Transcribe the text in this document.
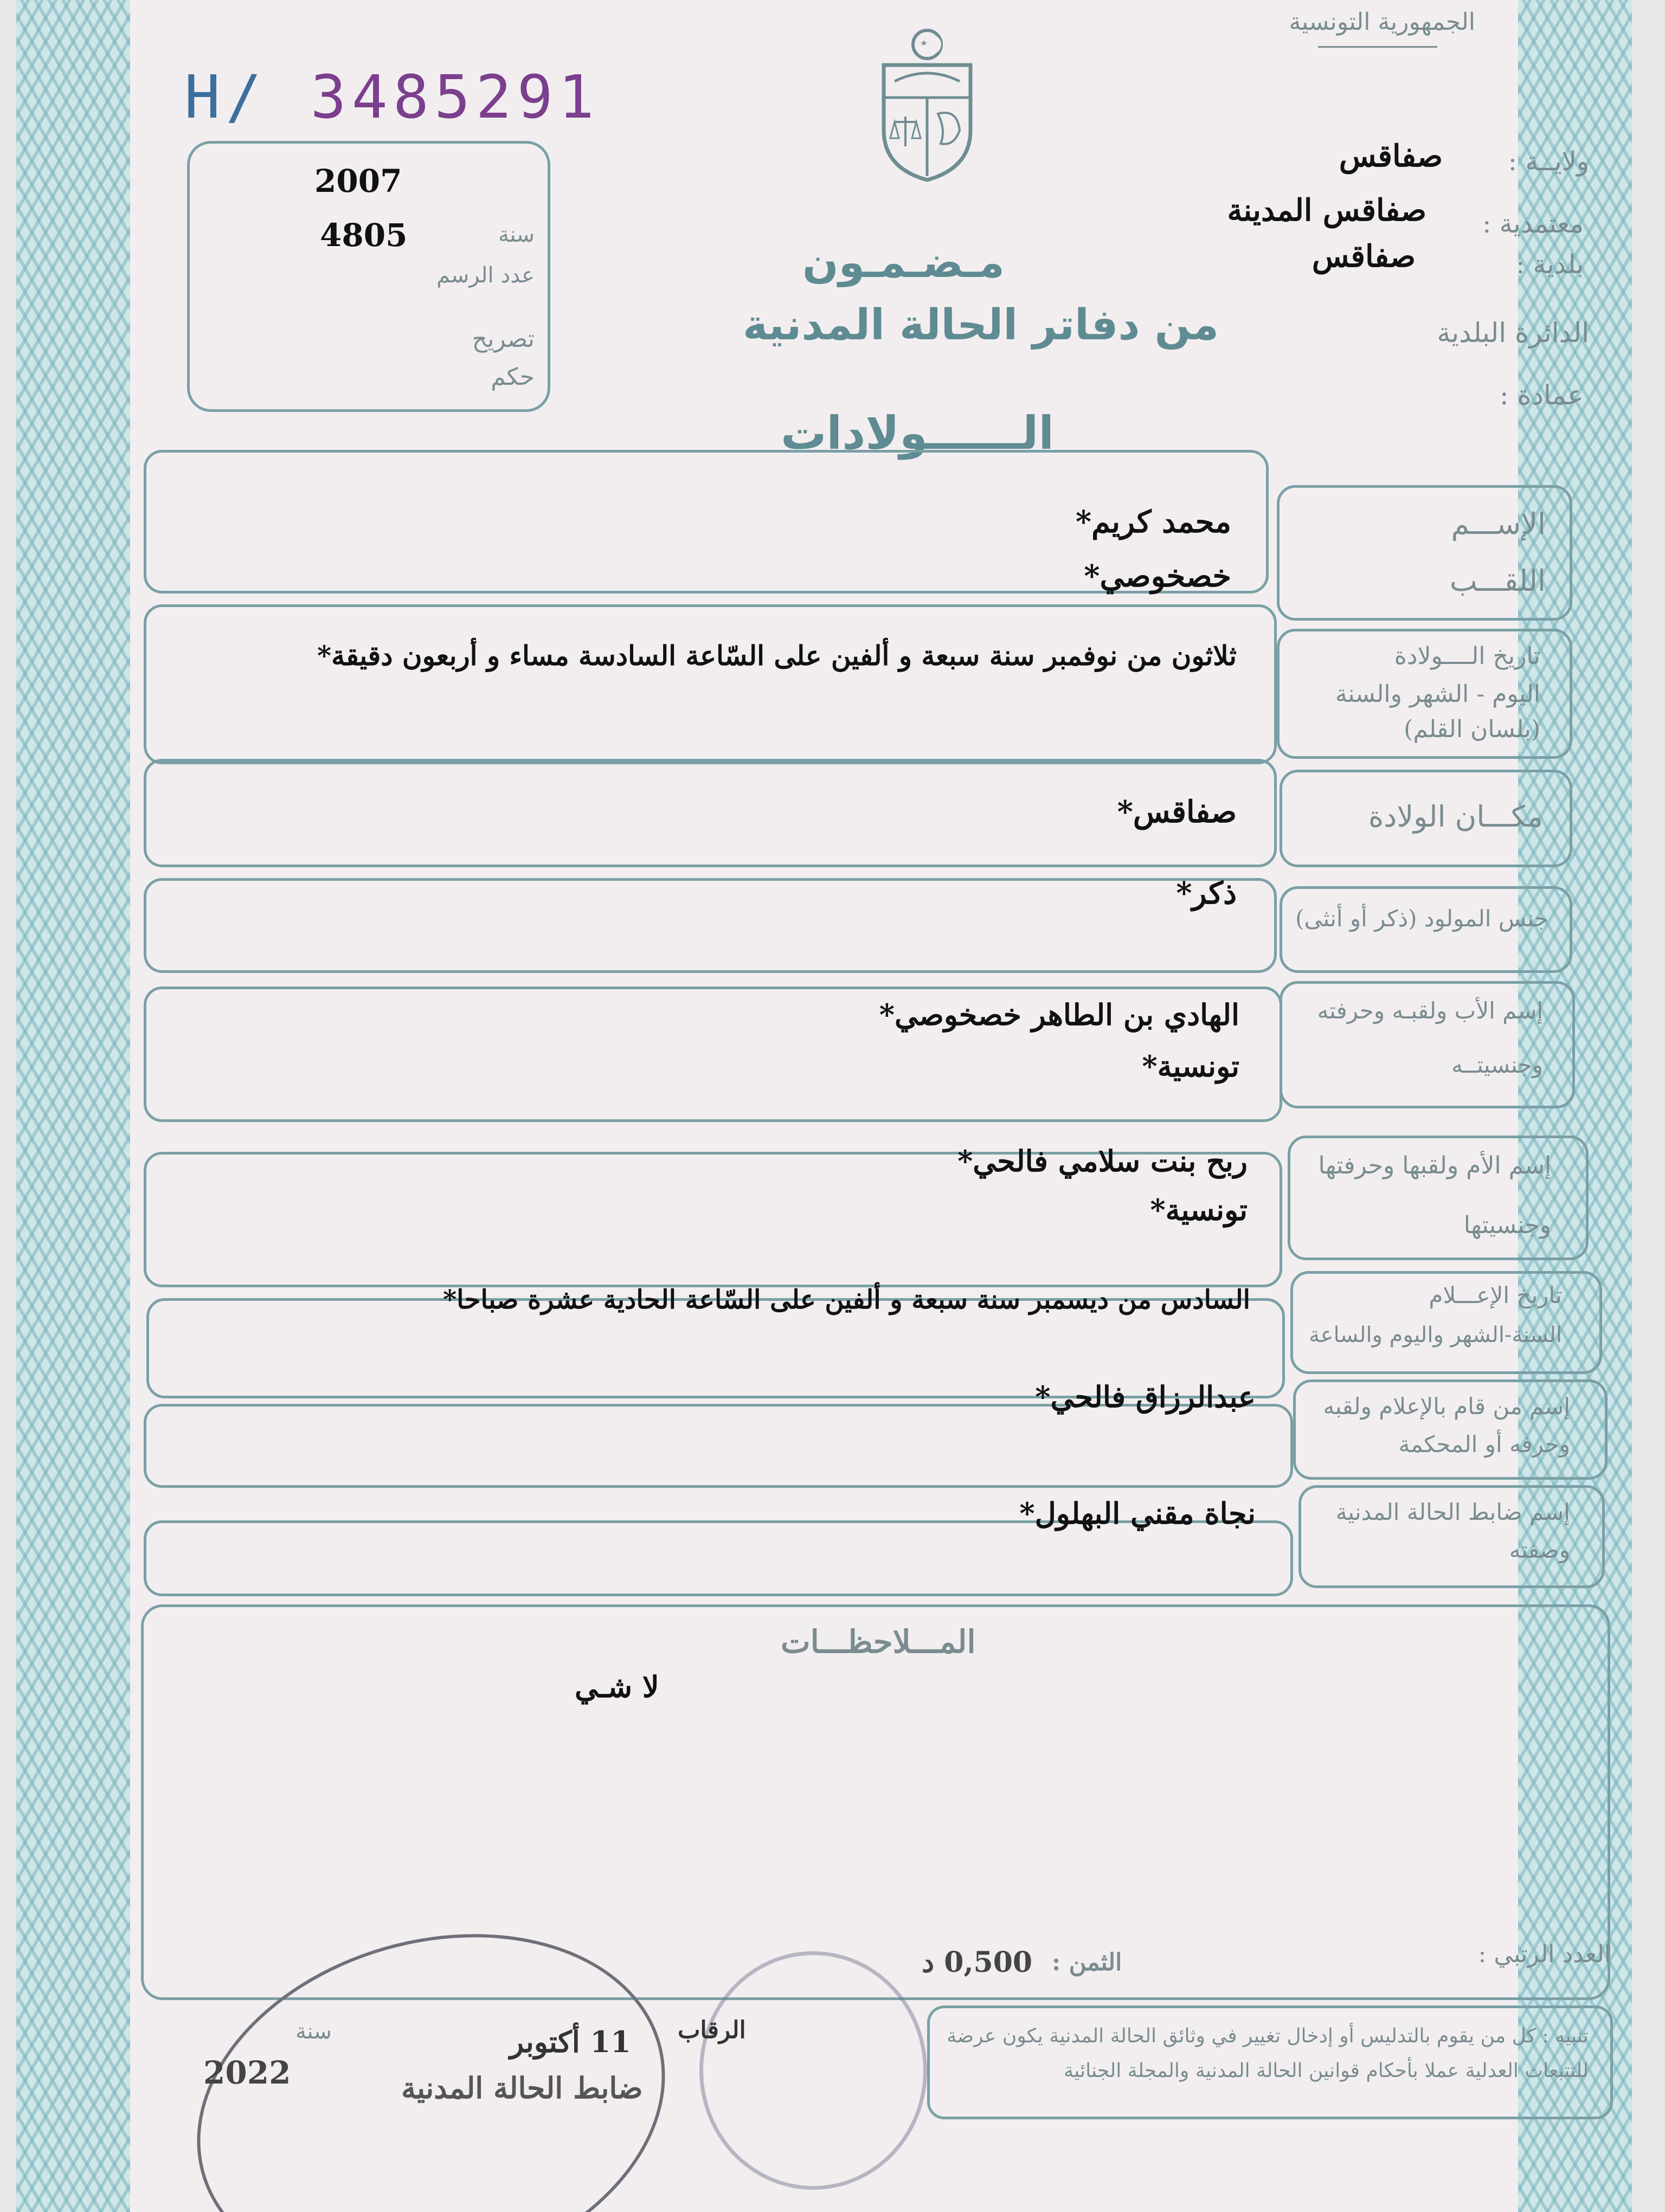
الجمهورية التونسية
H/ 3485291
2007
4805	سنة
عدد الرسم
تصريح
حكم
ولايــة :
صفاقس
معتمدية :
صفاقس المدينة
بلدية :
صفاقس
الدائرة البلدية
عمادة :
مـضـمـون
من دفاتر الحالة المدنية
الــــــولادات
الإســـم
اللقـــب
محمد كريم*
خصخوصي*
تاريخ الــــولادة
اليوم - الشهر والسنة
(بلسان القلم)
ثلاثون من نوفمبر سنة سبعة و ألفين على السّاعة السادسة مساء و أربعون دقيقة*
مكـــان الولادة
صفاقس*
جنس المولود (ذكر أو أنثى)
ذكر*
إسم الأب ولقبـه وحرفته
وجنسيتــه
الهادي بن الطاهر خصخوصي*
تونسية*
إسم الأم ولقبها وحرفتها
وجنسيتها
ربح بنت سلامي فالحي*
تونسية*
تاريخ الإعـــلام
السنة-الشهر واليوم والساعة
السادس من ديسمبر سنة سبعة و ألفين على السّاعة الحادية عشرة صباحا*
إسم من قام بالإعلام ولقبه
وحرفه أو المحكمة
عبدالرزاق فالحي*
إسم ضابط الحالة المدنية
وصفته
نجاة مقني البهلول*
المـــلاحظـــات
لا شـي
العدد الرتبي :
الثمن :
0,500 د
تنبيه : كل من يقوم بالتدليس أو إدخال تغيير في وثائق الحالة المدنية يكون عرضة للتتبعات العدلية عملا بأحكام قوانين الحالة المدنية والمجلة الجنائية
11 أكتوبر
سنة
2022	ضابط الحالة المدنية
الرقاب
